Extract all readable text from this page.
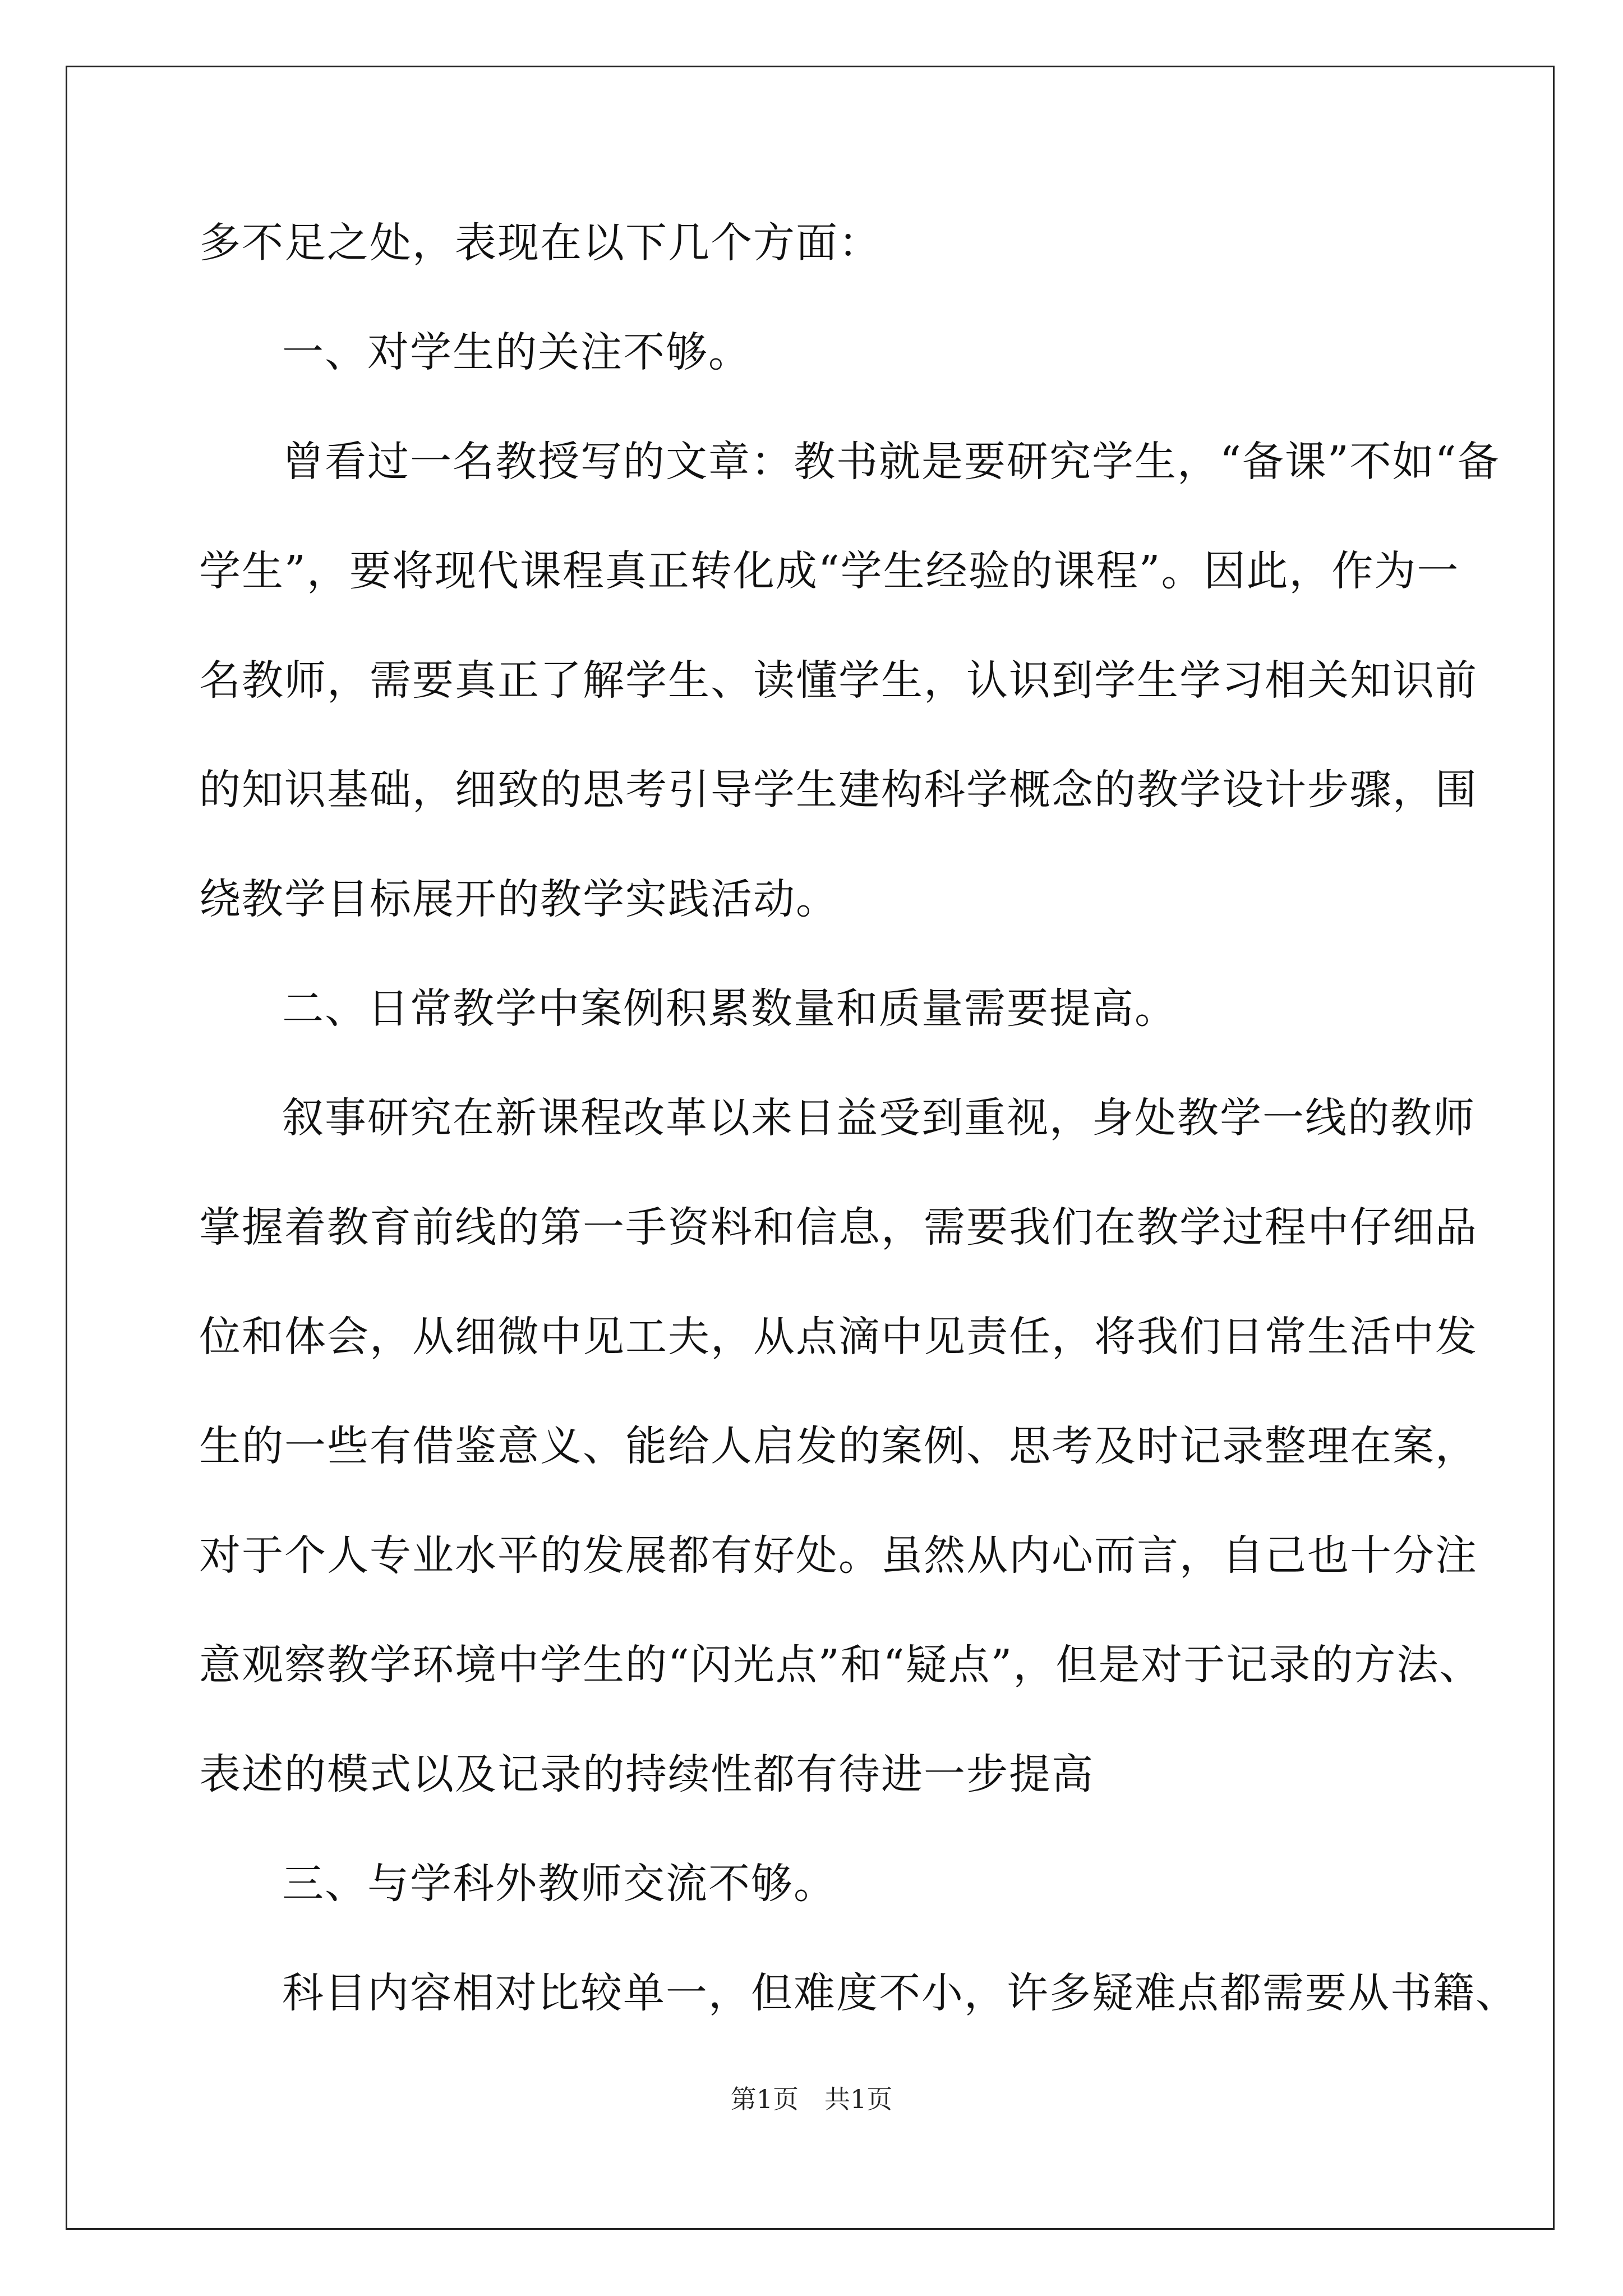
多不足之处，表现在以下几个方面：
一、对学生的关注不够。
曾看过一名教授写的文章：教书就是要研究学生，“备课”不如“备
学生”，要将现代课程真正转化成“学生经验的课程”。因此，作为一
名教师，需要真正了解学生、读懂学生，认识到学生学习相关知识前
的知识基础，细致的思考引导学生建构科学概念的教学设计步骤，围
绕教学目标展开的教学实践活动。
二、日常教学中案例积累数量和质量需要提高。
叙事研究在新课程改革以来日益受到重视，身处教学一线的教师
掌握着教育前线的第一手资料和信息，需要我们在教学过程中仔细品
位和体会，从细微中见工夫，从点滴中见责任，将我们日常生活中发
生的一些有借鉴意义、能给人启发的案例、思考及时记录整理在案，
对于个人专业水平的发展都有好处。虽然从内心而言，自己也十分注
意观察教学环境中学生的“闪光点”和“疑点”，但是对于记录的方法、
表述的模式以及记录的持续性都有待进一步提高
三、与学科外教师交流不够。
科目内容相对比较单一，但难度不小，许多疑难点都需要从书籍、
第1页　共1页
